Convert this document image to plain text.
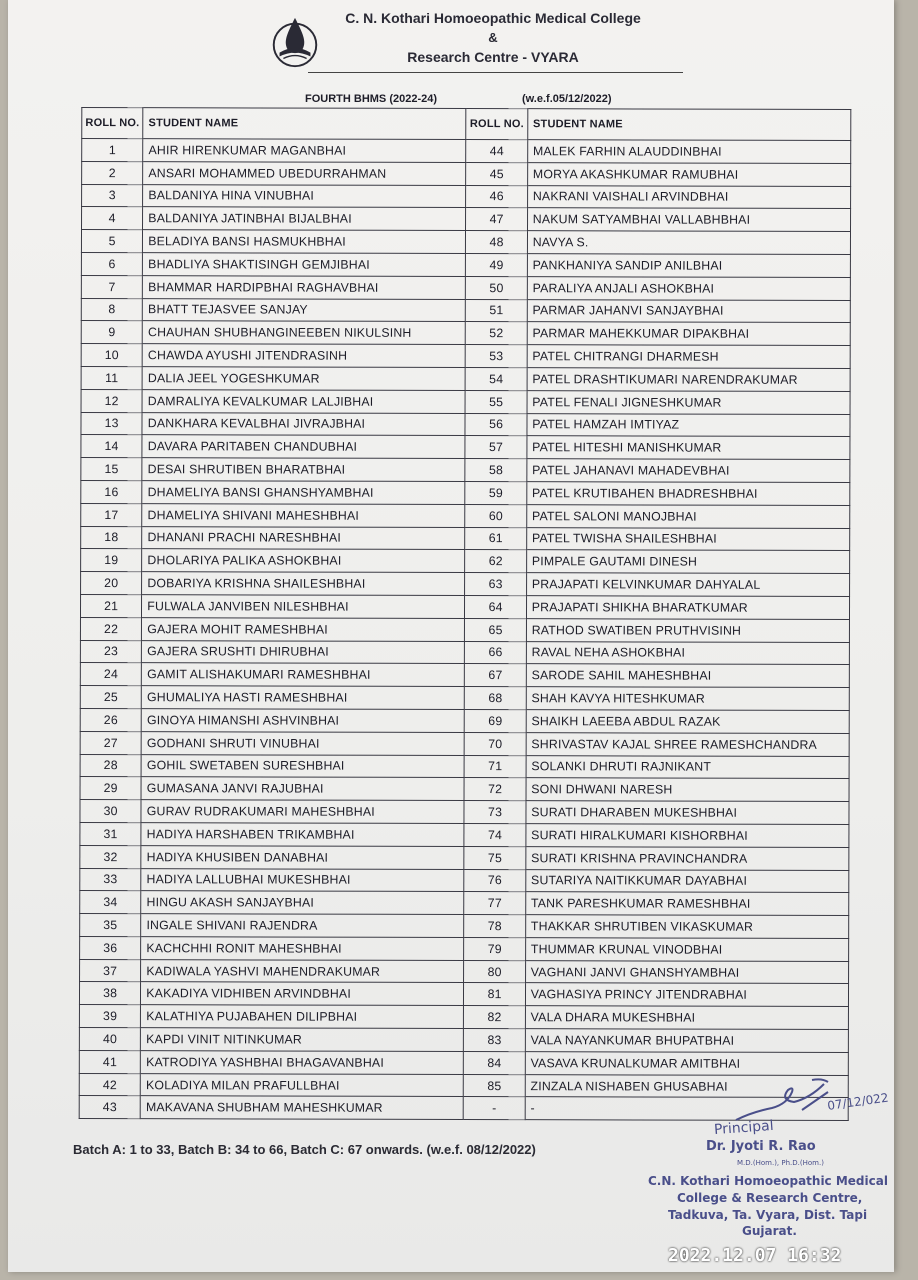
C. N. Kothari Homoeopathic Medical College
&
Research Centre - VYARA
FOURTH BHMS (2022-24)	(w.e.f.05/12/2022)
ROLL NO.	STUDENT NAME	ROLL NO.	STUDENT NAME
1	AHIR HIRENKUMAR MAGANBHAI	44	MALEK FARHIN ALAUDDINBHAI
2	ANSARI MOHAMMED UBEDURRAHMAN	45	MORYA AKASHKUMAR RAMUBHAI
3	BALDANIYA HINA VINUBHAI	46	NAKRANI VAISHALI ARVINDBHAI
4	BALDANIYA JATINBHAI BIJALBHAI	47	NAKUM SATYAMBHAI VALLABHBHAI
5	BELADIYA BANSI HASMUKHBHAI	48	NAVYA S.
6	BHADLIYA SHAKTISINGH GEMJIBHAI	49	PANKHANIYA SANDIP ANILBHAI
7	BHAMMAR HARDIPBHAI RAGHAVBHAI	50	PARALIYA ANJALI ASHOKBHAI
8	BHATT TEJASVEE SANJAY	51	PARMAR JAHANVI SANJAYBHAI
9	CHAUHAN SHUBHANGINEEBEN NIKULSINH	52	PARMAR MAHEKKUMAR DIPAKBHAI
10	CHAWDA AYUSHI JITENDRASINH	53	PATEL CHITRANGI DHARMESH
11	DALIA JEEL YOGESHKUMAR	54	PATEL DRASHTIKUMARI NARENDRAKUMAR
12	DAMRALIYA KEVALKUMAR LALJIBHAI	55	PATEL FENALI JIGNESHKUMAR
13	DANKHARA KEVALBHAI JIVRAJBHAI	56	PATEL HAMZAH IMTIYAZ
14	DAVARA PARITABEN CHANDUBHAI	57	PATEL HITESHI MANISHKUMAR
15	DESAI SHRUTIBEN BHARATBHAI	58	PATEL JAHANAVI MAHADEVBHAI
16	DHAMELIYA BANSI GHANSHYAMBHAI	59	PATEL KRUTIBAHEN BHADRESHBHAI
17	DHAMELIYA SHIVANI MAHESHBHAI	60	PATEL SALONI MANOJBHAI
18	DHANANI PRACHI NARESHBHAI	61	PATEL TWISHA SHAILESHBHAI
19	DHOLARIYA PALIKA ASHOKBHAI	62	PIMPALE GAUTAMI DINESH
20	DOBARIYA KRISHNA SHAILESHBHAI	63	PRAJAPATI KELVINKUMAR DAHYALAL
21	FULWALA JANVIBEN NILESHBHAI	64	PRAJAPATI SHIKHA BHARATKUMAR
22	GAJERA MOHIT RAMESHBHAI	65	RATHOD SWATIBEN PRUTHVISINH
23	GAJERA SRUSHTI DHIRUBHAI	66	RAVAL NEHA ASHOKBHAI
24	GAMIT ALISHAKUMARI RAMESHBHAI	67	SARODE SAHIL MAHESHBHAI
25	GHUMALIYA HASTI RAMESHBHAI	68	SHAH KAVYA HITESHKUMAR
26	GINOYA HIMANSHI ASHVINBHAI	69	SHAIKH LAEEBA ABDUL RAZAK
27	GODHANI SHRUTI VINUBHAI	70	SHRIVASTAV KAJAL SHREE RAMESHCHANDRA
28	GOHIL SWETABEN SURESHBHAI	71	SOLANKI DHRUTI RAJNIKANT
29	GUMASANA JANVI RAJUBHAI	72	SONI DHWANI NARESH
30	GURAV RUDRAKUMARI MAHESHBHAI	73	SURATI DHARABEN MUKESHBHAI
31	HADIYA HARSHABEN TRIKAMBHAI	74	SURATI HIRALKUMARI KISHORBHAI
32	HADIYA KHUSIBEN DANABHAI	75	SURATI KRISHNA PRAVINCHANDRA
33	HADIYA LALLUBHAI MUKESHBHAI	76	SUTARIYA NAITIKKUMAR DAYABHAI
34	HINGU AKASH SANJAYBHAI	77	TANK PARESHKUMAR RAMESHBHAI
35	INGALE SHIVANI RAJENDRA	78	THAKKAR SHRUTIBEN VIKASKUMAR
36	KACHCHHI RONIT MAHESHBHAI	79	THUMMAR KRUNAL VINODBHAI
37	KADIWALA YASHVI MAHENDRAKUMAR	80	VAGHANI JANVI GHANSHYAMBHAI
38	KAKADIYA VIDHIBEN ARVINDBHAI	81	VAGHASIYA PRINCY JITENDRABHAI
39	KALATHIYA PUJABAHEN DILIPBHAI	82	VALA DHARA MUKESHBHAI
40	KAPDI VINIT NITINKUMAR	83	VALA NAYANKUMAR BHUPATBHAI
41	KATRODIYA YASHBHAI BHAGAVANBHAI	84	VASAVA KRUNALKUMAR AMITBHAI
42	KOLADIYA MILAN PRAFULLBHAI	85	ZINZALA NISHABEN GHUSABHAI
43	MAKAVANA SHUBHAM MAHESHKUMAR	-	-
Batch A: 1 to 33, Batch B: 34 to 66, Batch C: 67 onwards. (w.e.f. 08/12/2022)
07/12/022
Principal
Dr. Jyoti R. Rao
M.D.(Hom.), Ph.D.(Hom.)
C.N. Kothari Homoeopathic Medical
College & Research Centre,
Tadkuva, Ta. Vyara, Dist. Tapi
Gujarat.
2022.12.07 16:32
